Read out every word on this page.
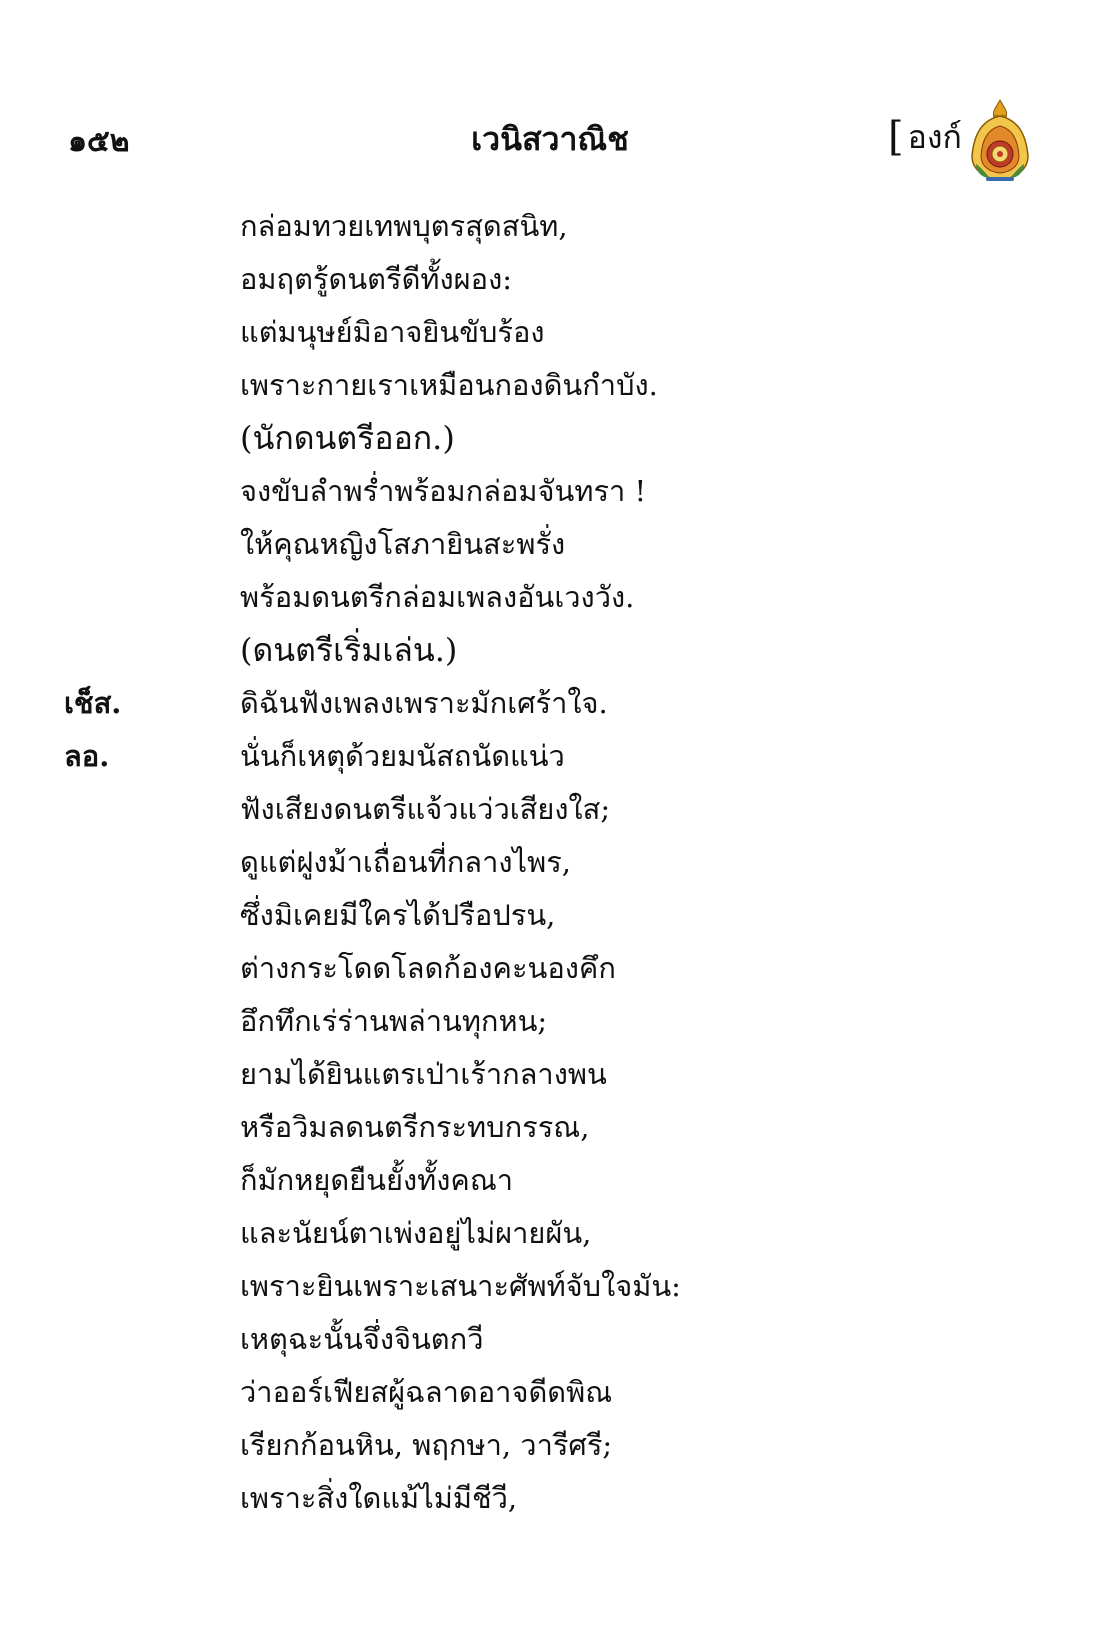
๑๕๒	เวนิสวาณิช	[ องก์
กล่อมทวยเทพบุตรสุดสนิท,
อมฤตรู้ดนตรีดีทั้งผอง:
แต่มนุษย์มิอาจยินขับร้อง
เพราะกายเราเหมือนกองดินกำบัง.
(นักดนตรีออก.)
จงขับลำพร่ำพร้อมกล่อมจันทรา !
ให้คุณหญิงโสภายินสะพรั่ง
พร้อมดนตรีกล่อมเพลงอันเวงวัง.
(ดนตรีเริ่มเล่น.)
เช็ส.	ดิฉันฟังเพลงเพราะมักเศร้าใจ.
ลอ.	นั่นก็เหตุด้วยมนัสถนัดแน่ว
ฟังเสียงดนตรีแจ้วแว่วเสียงใส;
ดูแต่ฝูงม้าเถื่อนที่กลางไพร,
ซึ่งมิเคยมีใครได้ปรือปรน,
ต่างกระโดดโลดก้องคะนองคึก
อึกทึกเร่ร่านพล่านทุกหน;
ยามได้ยินแตรเป่าเร้ากลางพน
หรือวิมลดนตรีกระทบกรรณ,
ก็มักหยุดยืนยั้งทั้งคณา
และนัยน์ตาเพ่งอยู่ไม่ผายผัน,
เพราะยินเพราะเสนาะศัพท์จับใจมัน:
เหตุฉะนั้นจึ่งจินตกวี
ว่าออร์เฟียสผู้ฉลาดอาจดีดพิณ
เรียกก้อนหิน, พฤกษา, วารีศรี;
เพราะสิ่งใดแม้ไม่มีชีวี,
